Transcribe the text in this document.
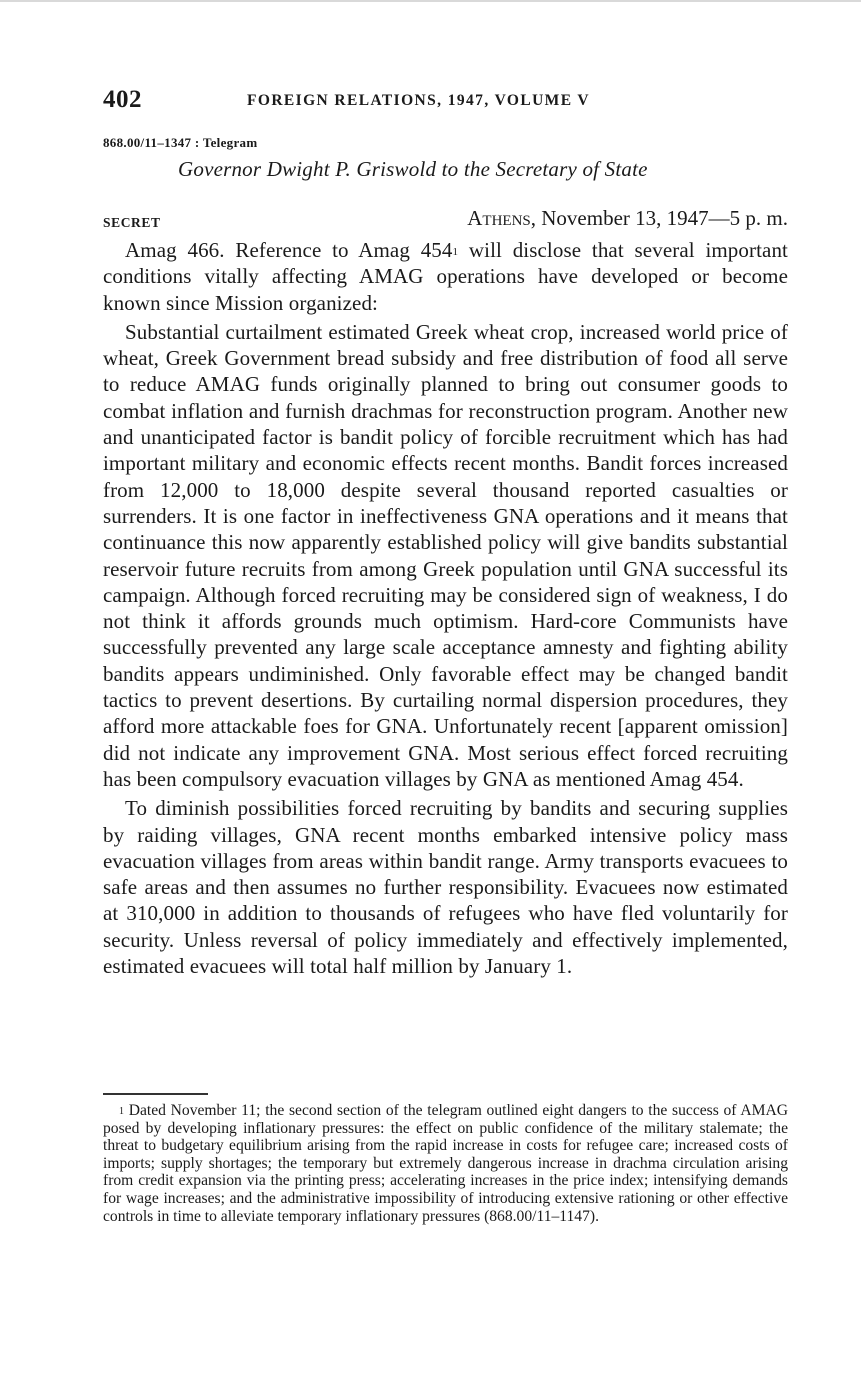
402	FOREIGN RELATIONS, 1947, VOLUME V
868.00/11–1347 : Telegram
Governor Dwight P. Griswold to the Secretary of State
SECRET	Athens, November 13, 1947—5 p. m.

Amag 466. Reference to Amag $454^1$ will disclose that several important conditions vitally affecting AMAG operations have developed or become known since Mission organized:

Substantial curtailment estimated Greek wheat crop, increased world price of wheat, Greek Government bread subsidy and free distribution of food all serve to reduce AMAG funds originally planned to bring out consumer goods to combat inflation and furnish drachmas for reconstruction program. Another new and unanticipated factor is bandit policy of forcible recruitment which has had important military and economic effects recent months. Bandit forces increased from 12,000 to 18,000 despite several thousand reported casualties or surrenders. It is one factor in ineffectiveness GNA operations and it means that continuance this now apparently established policy will give bandits substantial reservoir future recruits from among Greek population until GNA successful its campaign. Although forced recruiting may be considered sign of weakness, I do not think it affords grounds much optimism. Hard-core Communists have successfully prevented any large scale acceptance amnesty and fighting ability bandits appears undiminished. Only favorable effect may be changed bandit tactics to prevent desertions. By curtailing normal dispersion procedures, they afford more attackable foes for GNA. Unfortunately recent [apparent omission] did not indicate any improvement GNA. Most serious effect forced recruiting has been compulsory evacuation villages by GNA as mentioned Amag 454.

To diminish possibilities forced recruiting by bandits and securing supplies by raiding villages, GNA recent months embarked intensive policy mass evacuation villages from areas within bandit range. Army transports evacuees to safe areas and then assumes no further responsibility. Evacuees now estimated at 310,000 in addition to thousands of refugees who have fled voluntarily for security. Unless reversal of policy immediately and effectively implemented, estimated evacuees will total half million by January 1.

$^1$ Dated November 11; the second section of the telegram outlined eight dangers to the success of AMAG posed by developing inflationary pressures: the effect on public confidence of the military stalemate; the threat to budgetary equilibrium arising from the rapid increase in costs for refugee care; increased costs of imports; supply shortages; the temporary but extremely dangerous increase in drachma circulation arising from credit expansion via the printing press; accelerating increases in the price index; intensifying demands for wage increases; and the administrative impossibility of introducing extensive rationing or other effective controls in time to alleviate temporary inflationary pressures (868.00/11–1147).
